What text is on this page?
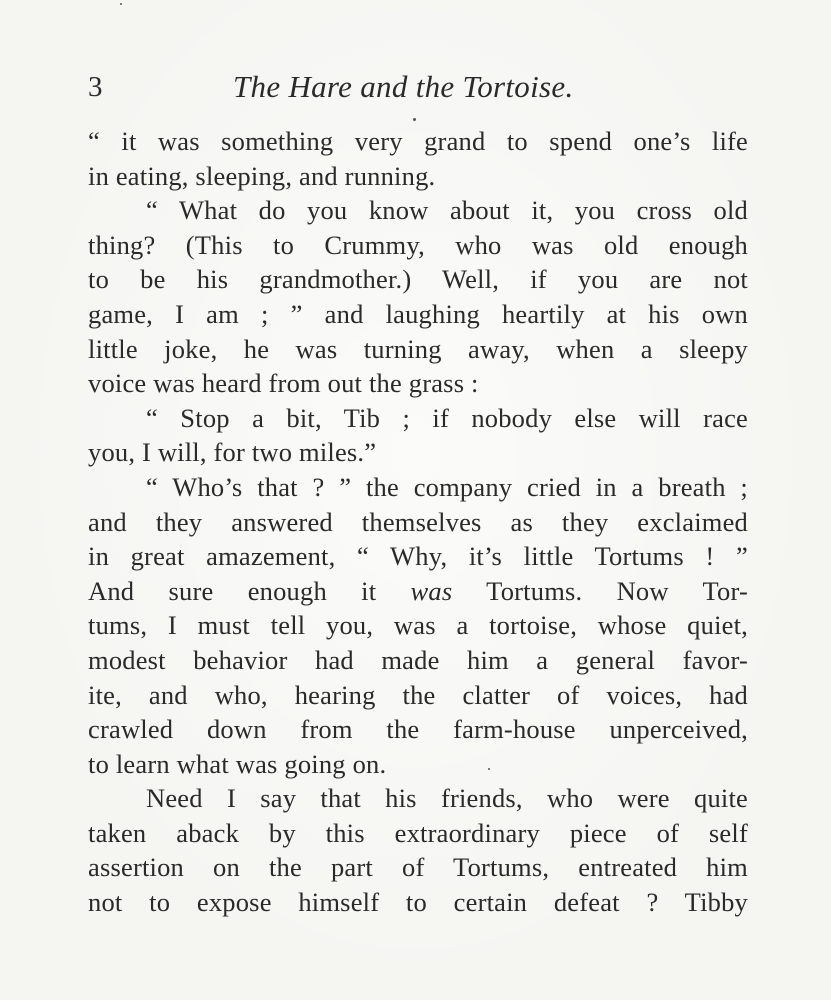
3	The Hare and the Tortoise.
“ it was something very grand to spend one’s life
in eating, sleeping, and running.
“ What do you know about it, you cross old
thing? (This to Crummy, who was old enough
to be his grandmother.) Well, if you are not
game, I am ; ” and laughing heartily at his own
little joke, he was turning away, when a sleepy
voice was heard from out the grass :
“ Stop a bit, Tib ; if nobody else will race
you, I will, for two miles.”
“ Who’s that ? ” the company cried in a breath ;
and they answered themselves as they exclaimed
in great amazement, “ Why, it’s little Tortums ! ”
And sure enough it was Tortums. Now Tor-
tums, I must tell you, was a tortoise, whose quiet,
modest behavior had made him a general favor-
ite, and who, hearing the clatter of voices, had
crawled down from the farm-house unperceived,
to learn what was going on.
Need I say that his friends, who were quite
taken aback by this extraordinary piece of self
assertion on the part of Tortums, entreated him
not to expose himself to certain defeat ? Tibby
